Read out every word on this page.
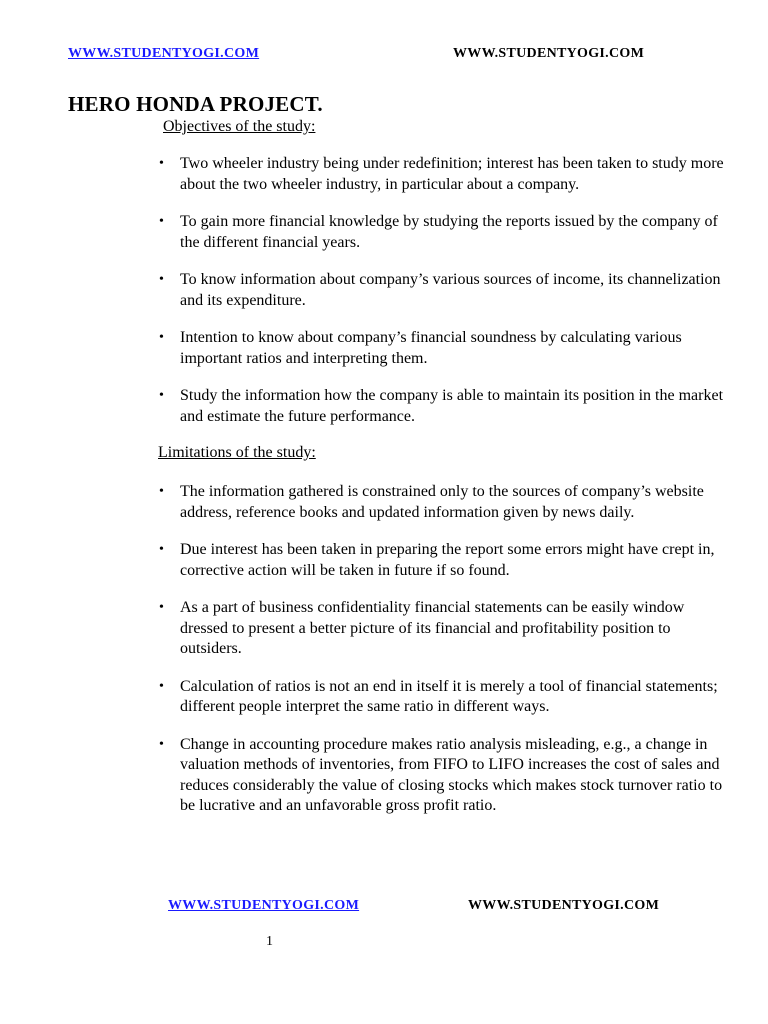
WWW.STUDENTYOGI.COM	WWW.STUDENTYOGI.COM
HERO HONDA PROJECT.
Objectives of the study:
• Two wheeler industry being under redefinition; interest has been taken to study more about the two wheeler industry, in particular about a company.
• To gain more financial knowledge by studying the reports issued by the company of the different financial years.
• To know information about company’s various sources of income, its channelization and its expenditure.
• Intention to know about company’s financial soundness by calculating various important ratios and interpreting them.
• Study the information how the company is able to maintain its position in the market and estimate the future performance.
Limitations of the study:
• The information gathered is constrained only to the sources of company’s website address, reference books and updated information given by news daily.
• Due interest has been taken in preparing the report some errors might have crept in, corrective action will be taken in future if so found.
• As a part of business confidentiality financial statements can be easily window dressed to present a better picture of its financial and profitability position to outsiders.
• Calculation of ratios is not an end in itself it is merely a tool of financial statements; different people interpret the same ratio in different ways.
• Change in accounting procedure makes ratio analysis misleading, e.g., a change in valuation methods of inventories, from FIFO to LIFO increases the cost of sales and reduces considerably the value of closing stocks which makes stock turnover ratio to be lucrative and an unfavorable gross profit ratio.
WWW.STUDENTYOGI.COM	WWW.STUDENTYOGI.COM
1
